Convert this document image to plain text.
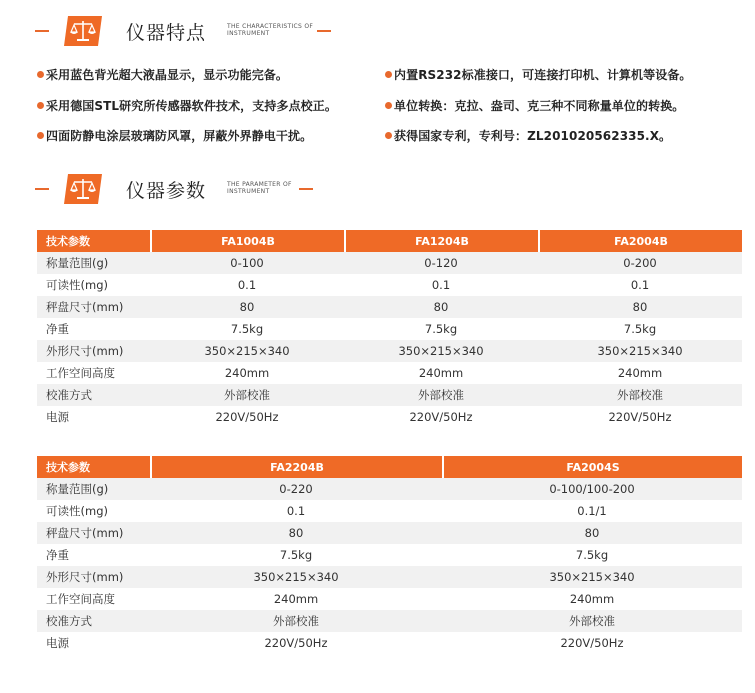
仪器特点	THE CHARACTERISTICS OF
INSTRUMENT
采用蓝色背光超大液晶显示，显示功能完备。
采用德国STL研究所传感器软件技术，支持多点校正。
四面防静电涂层玻璃防风罩，屏蔽外界静电干扰。
内置RS232标准接口，可连接打印机、计算机等设备。
单位转换：克拉、盎司、克三种不同称量单位的转换。
获得国家专利，专利号：ZL201020562335.X。
仪器参数	THE PARAMETER OF
INSTRUMENT
技术参数	FA1004B	FA1204B	FA2004B
称量范围(g)	0-100	0-120	0-200
可读性(mg)	0.1	0.1	0.1
秤盘尺寸(mm)	80	80	80
净重	7.5kg	7.5kg	7.5kg
外形尺寸(mm)	350×215×340	350×215×340	350×215×340
工作空间高度	240mm	240mm	240mm
校准方式	外部校准	外部校准	外部校准
电源	220V/50Hz	220V/50Hz	220V/50Hz
技术参数	FA2204B	FA2004S
称量范围(g)	0-220	0-100/100-200
可读性(mg)	0.1	0.1/1
秤盘尺寸(mm)	80	80
净重	7.5kg	7.5kg
外形尺寸(mm)	350×215×340	350×215×340
工作空间高度	240mm	240mm
校准方式	外部校准	外部校准
电源	220V/50Hz	220V/50Hz
